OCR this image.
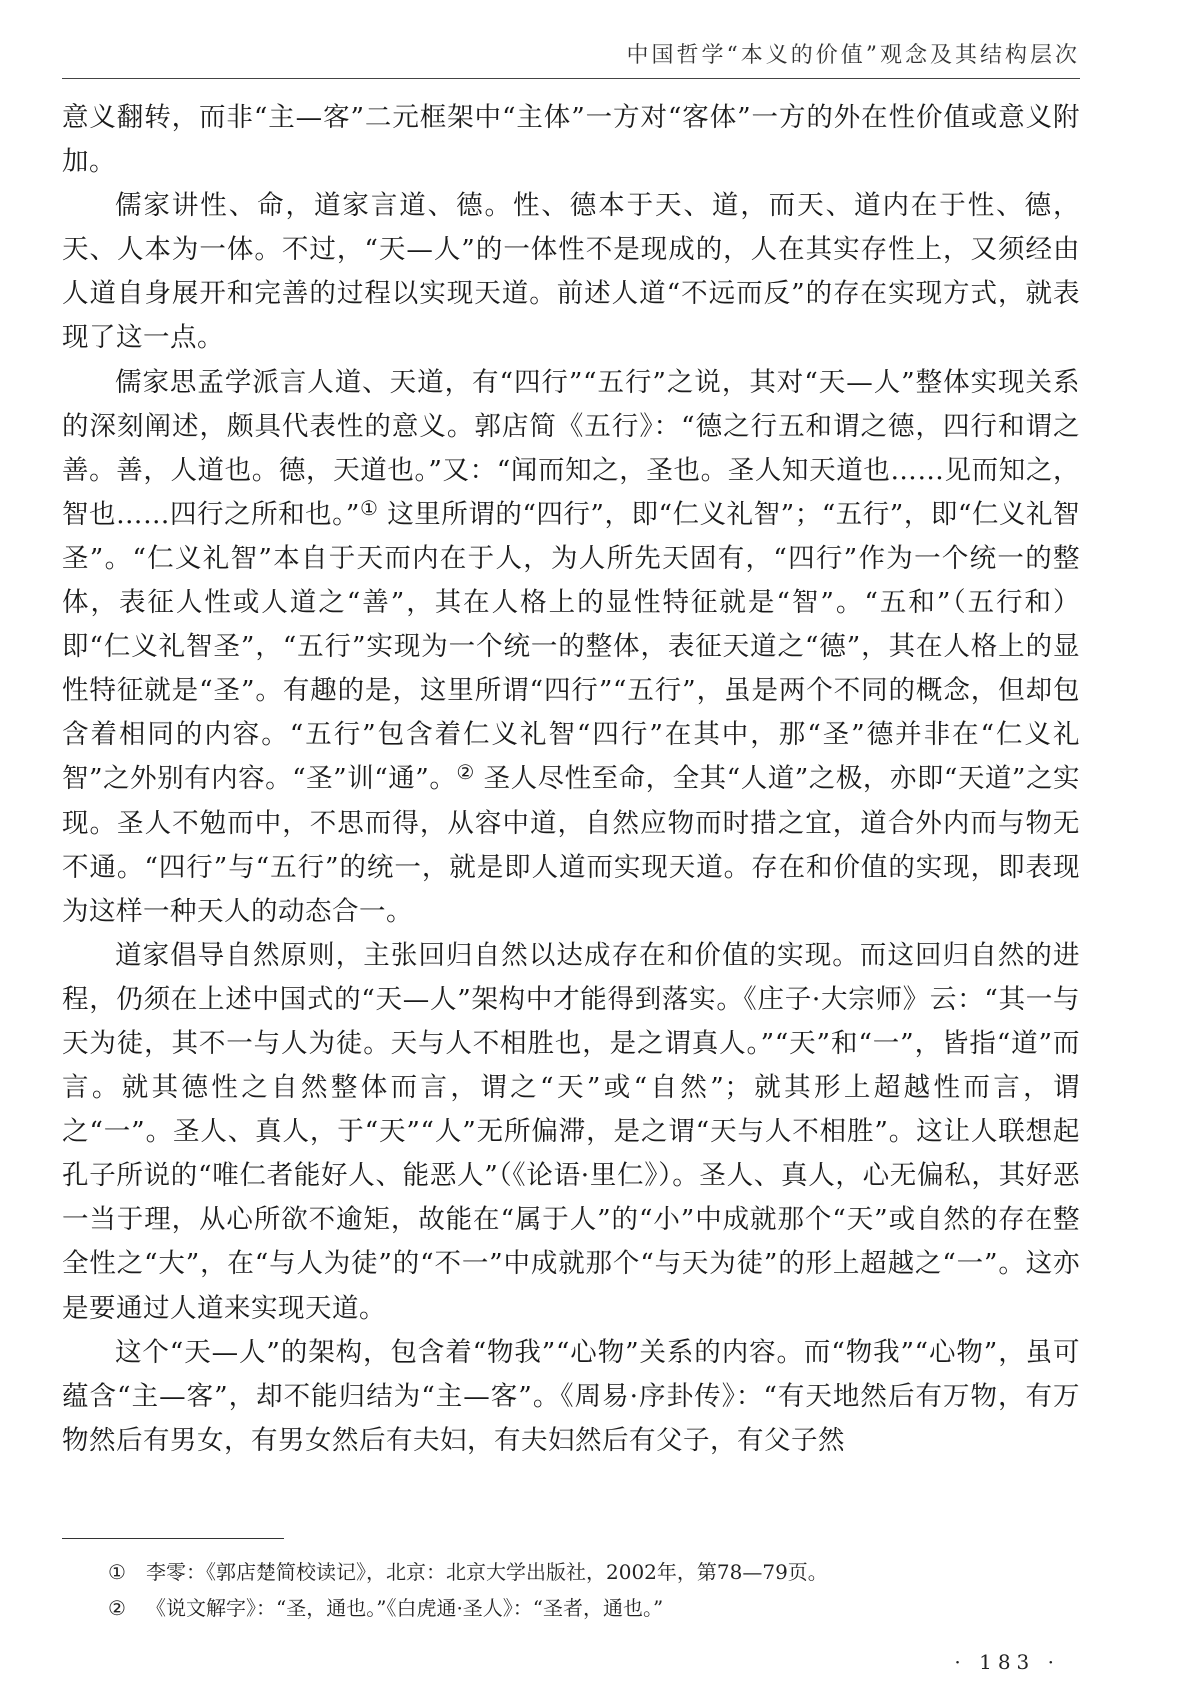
中国哲学“本义的价值”观念及其结构层次

意义翻转，而非“主—客”二元框架中“主体”一方对“客体”一方的外在性价值或意义附加。

儒家讲性、命，道家言道、德。性、德本于天、道，而天、道内在于性、德，天、人本为一体。不过，“天—人”的一体性不是现成的，人在其实存性上，又须经由人道自身展开和完善的过程以实现天道。前述人道“不远而反”的存在实现方式，就表现了这一点。

儒家思孟学派言人道、天道，有“四行”“五行”之说，其对“天—人”整体实现关系的深刻阐述，颇具代表性的意义。郭店简《五行》：“德之行五和谓之德，四行和谓之善。善，人道也。德，天道也。”又：“闻而知之，圣也。圣人知天道也……见而知之，智也……四行之所和也。”① 这里所谓的“四行”，即“仁义礼智”；“五行”，即“仁义礼智圣”。“仁义礼智”本自于天而内在于人，为人所先天固有，“四行”作为一个统一的整体，表征人性或人道之“善”，其在人格上的显性特征就是“智”。“五和”（五行和）即“仁义礼智圣”，“五行”实现为一个统一的整体，表征天道之“德”，其在人格上的显性特征就是“圣”。有趣的是，这里所谓“四行”“五行”，虽是两个不同的概念，但却包含着相同的内容。“五行”包含着仁义礼智“四行”在其中，那“圣”德并非在“仁义礼智”之外别有内容。“圣”训“通”。② 圣人尽性至命，全其“人道”之极，亦即“天道”之实现。圣人不勉而中，不思而得，从容中道，自然应物而时措之宜，道合外内而与物无不通。“四行”与“五行”的统一，就是即人道而实现天道。存在和价值的实现，即表现为这样一种天人的动态合一。

道家倡导自然原则，主张回归自然以达成存在和价值的实现。而这回归自然的进程，仍须在上述中国式的“天—人”架构中才能得到落实。《庄子·大宗师》云：“其一与天为徒，其不一与人为徒。天与人不相胜也，是之谓真人。”“天”和“一”，皆指“道”而言。就其德性之自然整体而言，谓之“天”或“自然”；就其形上超越性而言，谓之“一”。圣人、真人，于“天”“人”无所偏滞，是之谓“天与人不相胜”。这让人联想起孔子所说的“唯仁者能好人、能恶人”（《论语·里仁》）。圣人、真人，心无偏私，其好恶一当于理，从心所欲不逾矩，故能在“属于人”的“小”中成就那个“天”或自然的存在整全性之“大”，在“与人为徒”的“不一”中成就那个“与天为徒”的形上超越之“一”。这亦是要通过人道来实现天道。

这个“天—人”的架构，包含着“物我”“心物”关系的内容。而“物我”“心物”，虽可蕴含“主—客”，却不能归结为“主—客”。《周易·序卦传》：“有天地然后有万物，有万物然后有男女，有男女然后有夫妇，有夫妇然后有父子，有父子然

① 李零：《郭店楚简校读记》，北京：北京大学出版社，2002年，第78—79页。
② 《说文解字》：“圣，通也。”《白虎通·圣人》：“圣者，通也。”
· 183 ·
